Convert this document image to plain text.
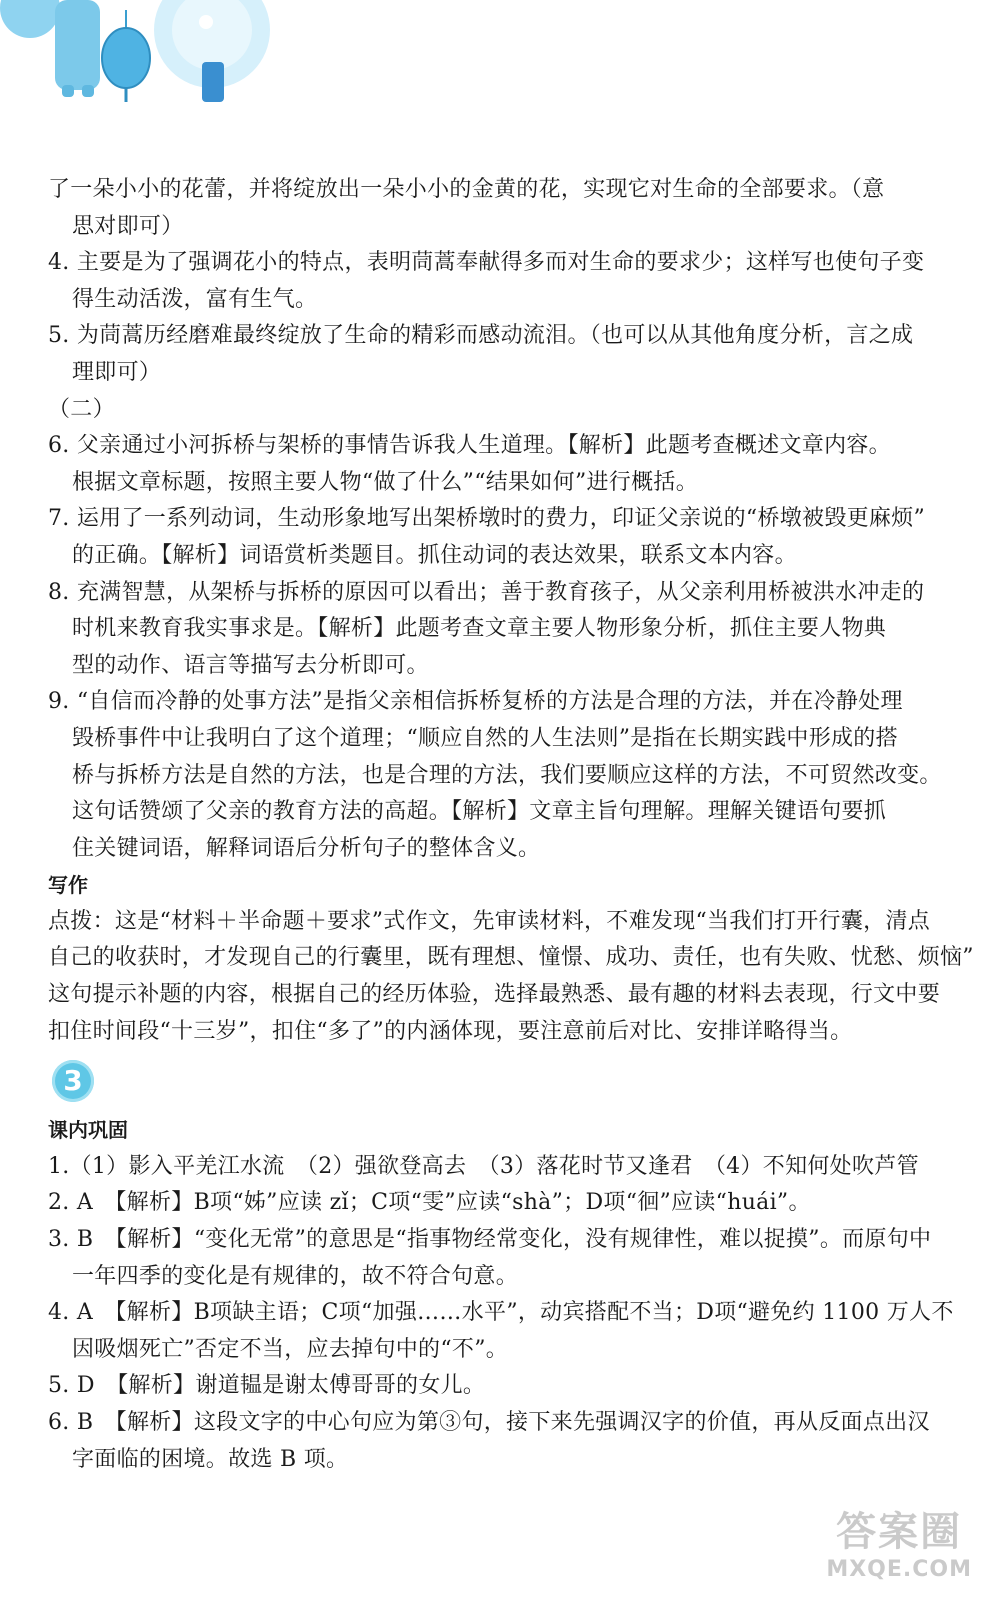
了一朵小小的花蕾，并将绽放出一朵小小的金黄的花，实现它对生命的全部要求。（意
思对即可）
4. 主要是为了强调花小的特点，表明茼蒿奉献得多而对生命的要求少；这样写也使句子变
得生动活泼，富有生气。
5. 为茼蒿历经磨难最终绽放了生命的精彩而感动流泪。（也可以从其他角度分析，言之成
理即可）
（二）
6. 父亲通过小河拆桥与架桥的事情告诉我人生道理。【解析】此题考查概述文章内容。
根据文章标题，按照主要人物“做了什么”“结果如何”进行概括。
7. 运用了一系列动词，生动形象地写出架桥墩时的费力，印证父亲说的“桥墩被毁更麻烦”
的正确。【解析】词语赏析类题目。抓住动词的表达效果，联系文本内容。
8. 充满智慧，从架桥与拆桥的原因可以看出；善于教育孩子，从父亲利用桥被洪水冲走的
时机来教育我实事求是。【解析】此题考查文章主要人物形象分析，抓住主要人物典
型的动作、语言等描写去分析即可。
9. “自信而冷静的处事方法”是指父亲相信拆桥复桥的方法是合理的方法，并在冷静处理
毁桥事件中让我明白了这个道理；“顺应自然的人生法则”是指在长期实践中形成的搭
桥与拆桥方法是自然的方法，也是合理的方法，我们要顺应这样的方法，不可贸然改变。
这句话赞颂了父亲的教育方法的高超。【解析】文章主旨句理解。理解关键语句要抓
住关键词语，解释词语后分析句子的整体含义。
写作
点拨：这是“材料＋半命题＋要求”式作文，先审读材料，不难发现“当我们打开行囊，清点
自己的收获时，才发现自己的行囊里，既有理想、憧憬、成功、责任，也有失败、忧愁、烦恼”
这句提示补题的内容，根据自己的经历体验，选择最熟悉、最有趣的材料去表现，行文中要
扣住时间段“十三岁”，扣住“多了”的内涵体现，要注意前后对比、安排详略得当。
3
课内巩固
1.（1）影入平羌江水流　（2）强欲登高去　（3）落花时节又逢君　（4）不知何处吹芦管
2. A　【解析】B项“姊”应读 zǐ；C项“雯”应读“shà”；D项“徊”应读“huái”。
3. B　【解析】“变化无常”的意思是“指事物经常变化，没有规律性，难以捉摸”。而原句中
一年四季的变化是有规律的，故不符合句意。
4. A　【解析】B项缺主语；C项“加强……水平”，动宾搭配不当；D项“避免约 1100 万人不
因吸烟死亡”否定不当，应去掉句中的“不”。
5. D　【解析】谢道韫是谢太傅哥哥的女儿。
6. B　【解析】这段文字的中心句应为第③句，接下来先强调汉字的价值，再从反面点出汉
字面临的困境。故选 B 项。
答案圈
MXQE.COM
